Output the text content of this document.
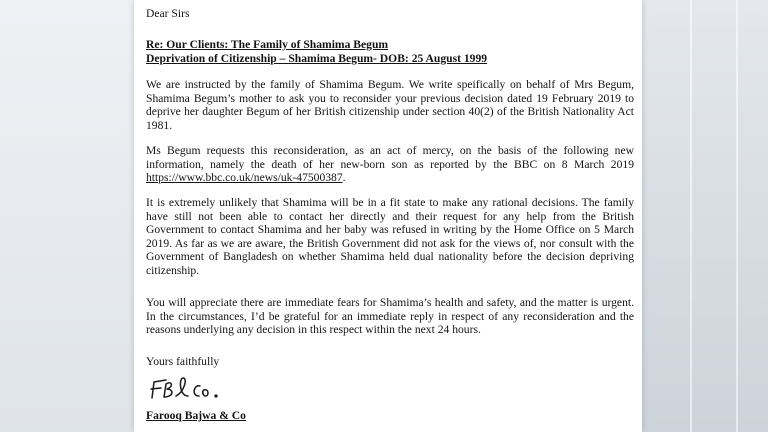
Dear Sirs
Re: Our Clients: The Family of Shamima Begum
Deprivation of Citizenship – Shamima Begum- DOB: 25 August 1999

We are instructed by the family of Shamima Begum. We write speifically on behalf of Mrs Begum, Shamima Begum’s mother to ask you to reconsider your previous decision dated 19 February 2019 to deprive her daughter Begum of her British citizenship under section 40(2) of the British Nationality Act 1981.

Ms Begum requests this reconsideration, as an act of mercy, on the basis of the following new information, namely the death of her new-born son as reported by the BBC on 8 March 2019 https://www.bbc.co.uk/news/uk-47500387.

It is extremely unlikely that Shamima will be in a fit state to make any rational decisions. The family have still not been able to contact her directly and their request for any help from the British Government to contact Shamima and her baby was refused in writing by the Home Office on 5 March 2019. As far as we are aware, the British Government did not ask for the views of, nor consult with the Government of Bangladesh on whether Shamima held dual nationality before the decision depriving citizenship.

You will appreciate there are immediate fears for Shamima’s health and safety, and the matter is urgent. In the circumstances, I’d be grateful for an immediate reply in respect of any reconsideration and the reasons underlying any decision in this respect within the next 24 hours.

Yours faithfully
Farooq Bajwa & Co
